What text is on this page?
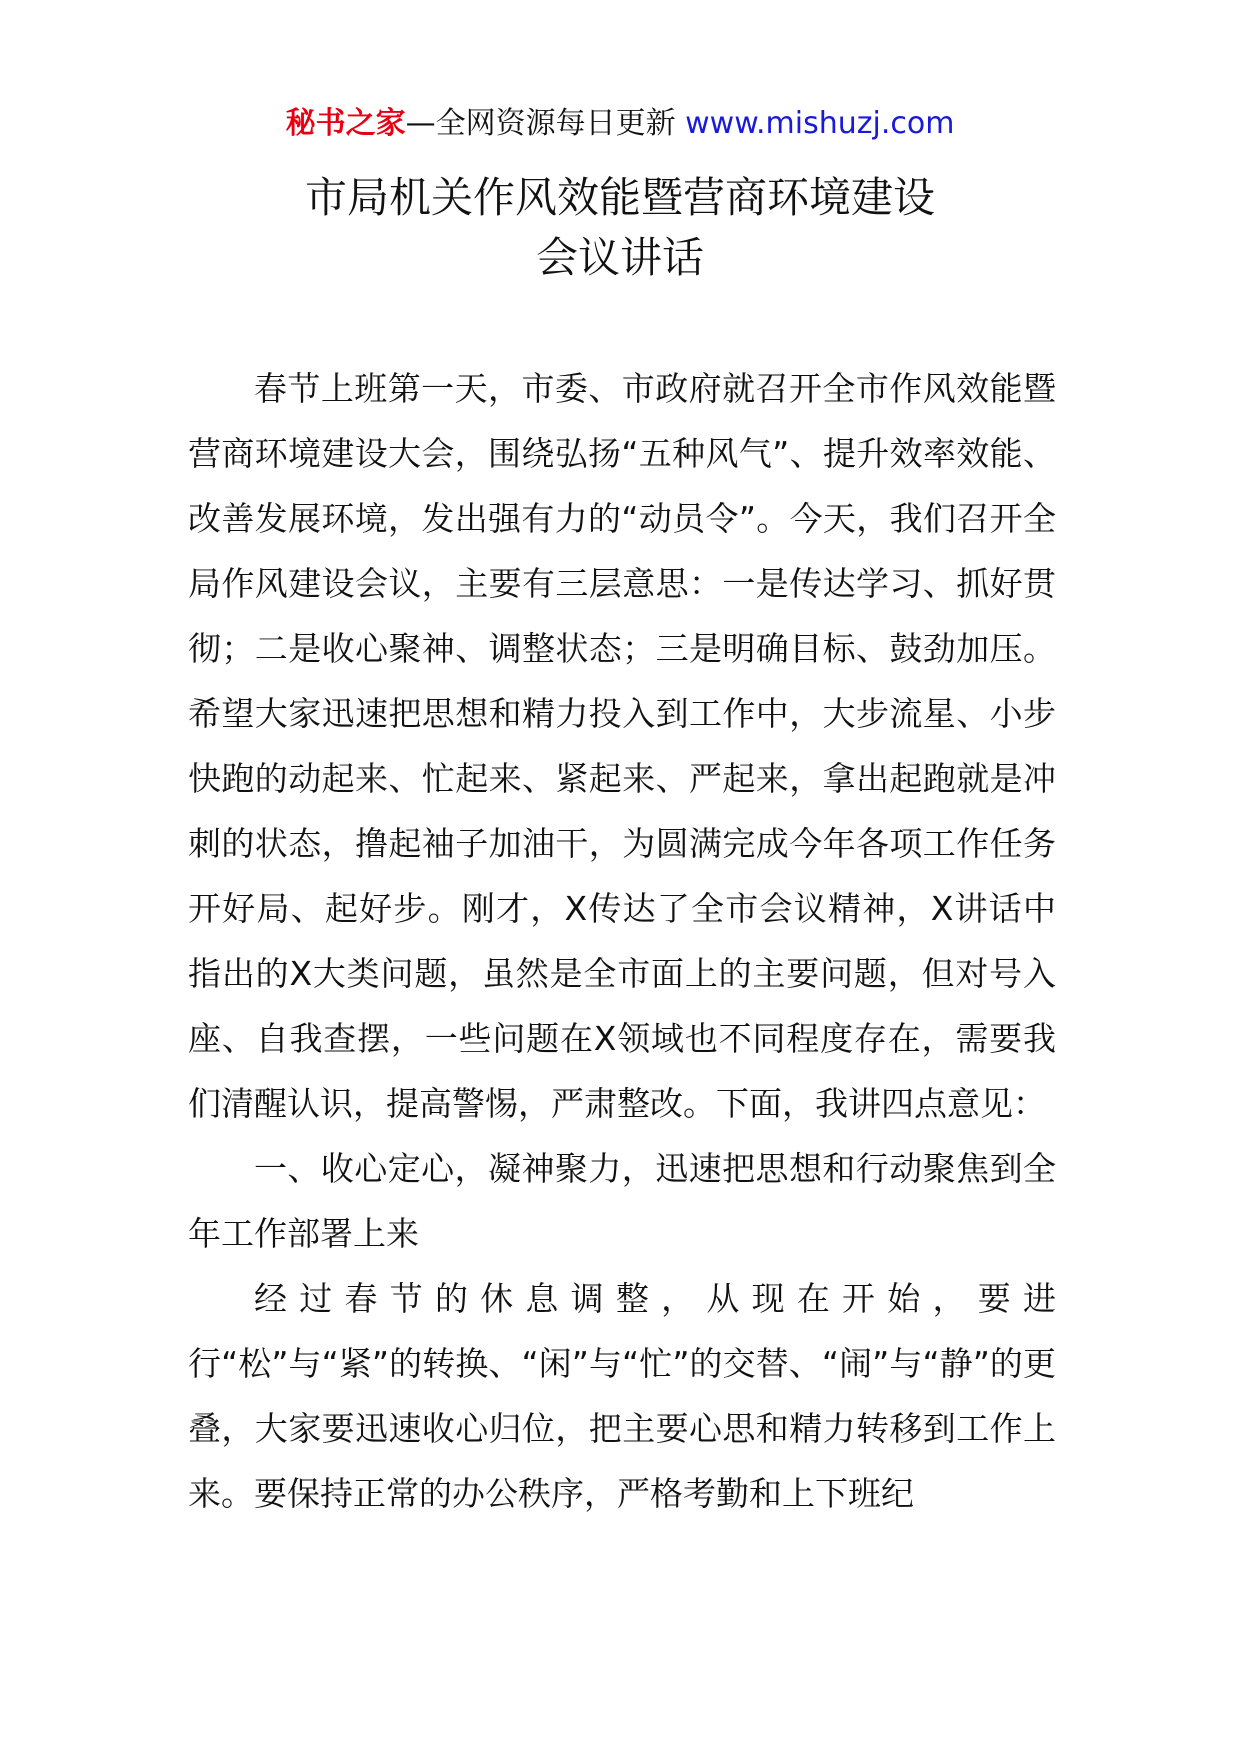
秘书之家—全网资源每日更新 www.mishuzj.com
市局机关作风效能暨营商环境建设
会议讲话

春节上班第一天，市委、市政府就召开全市作风效能暨营商环境建设大会，围绕弘扬“五种风气”、提升效率效能、改善发展环境，发出强有力的“动员令”。今天，我们召开全局作风建设会议，主要有三层意思：一是传达学习、抓好贯彻；二是收心聚神、调整状态；三是明确目标、鼓劲加压。希望大家迅速把思想和精力投入到工作中，大步流星、小步快跑的动起来、忙起来、紧起来、严起来，拿出起跑就是冲刺的状态，撸起袖子加油干，为圆满完成今年各项工作任务开好局、起好步。刚才，X传达了全市会议精神，X讲话中指出的X大类问题，虽然是全市面上的主要问题，但对号入座、自我查摆，一些问题在X领域也不同程度存在，需要我们清醒认识，提高警惕，严肃整改。下面，我讲四点意见：

一、收心定心，凝神聚力，迅速把思想和行动聚焦到全年工作部署上来

经过春节的休息调整，从现在开始，要进行“松”与“紧”的转换、“闲”与“忙”的交替、“闹”与“静”的更叠，大家要迅速收心归位，把主要心思和精力转移到工作上来。要保持正常的办公秩序，严格考勤和上下班纪
